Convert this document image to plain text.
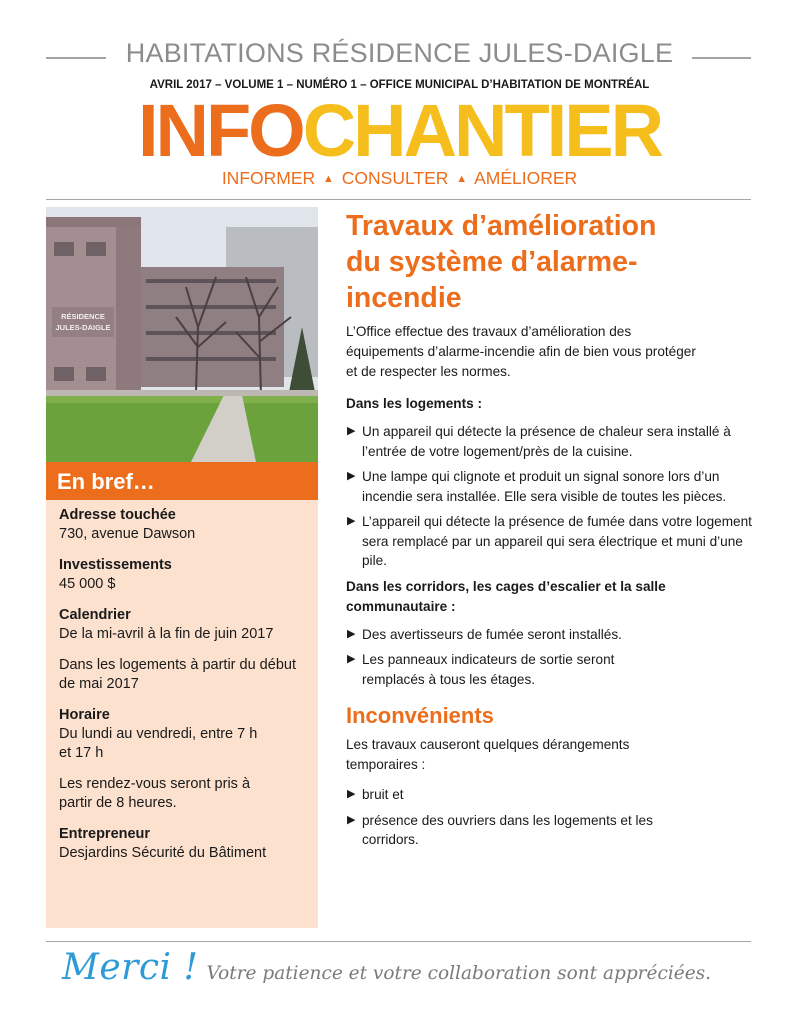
HABITATIONS RÉSIDENCE JULES-DAIGLE
AVRIL 2017 – VOLUME 1 – NUMÉRO 1 – OFFICE MUNICIPAL D’HABITATION DE MONTRÉAL
INFOCHANTIER
INFORMER ▲ CONSULTER ▲ AMÉLIORER
RÉSIDENCE
JULES-DAIGLE
En bref…
Adresse touchée
730, avenue Dawson
Investissements
45 000 $
Calendrier
De la mi-avril à la fin de juin 2017
Dans les logements à partir du début de mai 2017
Horaire
Du lundi au vendredi, entre 7 h et 17 h
Les rendez-vous seront pris à partir de 8 heures.
Entrepreneur
Desjardins Sécurité du Bâtiment
Travaux d’amélioration du système d’alarme-incendie

L’Office effectue des travaux d’amélioration des équipements d’alarme-incendie afin de bien vous protéger et de respecter les normes.

Dans les logements :

▶ Un appareil qui détecte la présence de chaleur sera installé à l’entrée de votre logement/près de la cuisine.
▶ Une lampe qui clignote et produit un signal sonore lors d’un incendie sera installée. Elle sera visible de toutes les pièces.
▶ L’appareil qui détecte la présence de fumée dans votre logement sera remplacé par un appareil qui sera électrique et muni d’une pile.

Dans les corridors, les cages d’escalier et la salle communautaire :

▶ Des avertisseurs de fumée seront installés.
▶ Les panneaux indicateurs de sortie seront remplacés à tous les étages.
Inconvénients

Les travaux causeront quelques dérangements temporaires :

▶ bruit et
▶ présence des ouvriers dans les logements et les corridors.
Merci ! Votre patience et votre collaboration sont appréciées.
